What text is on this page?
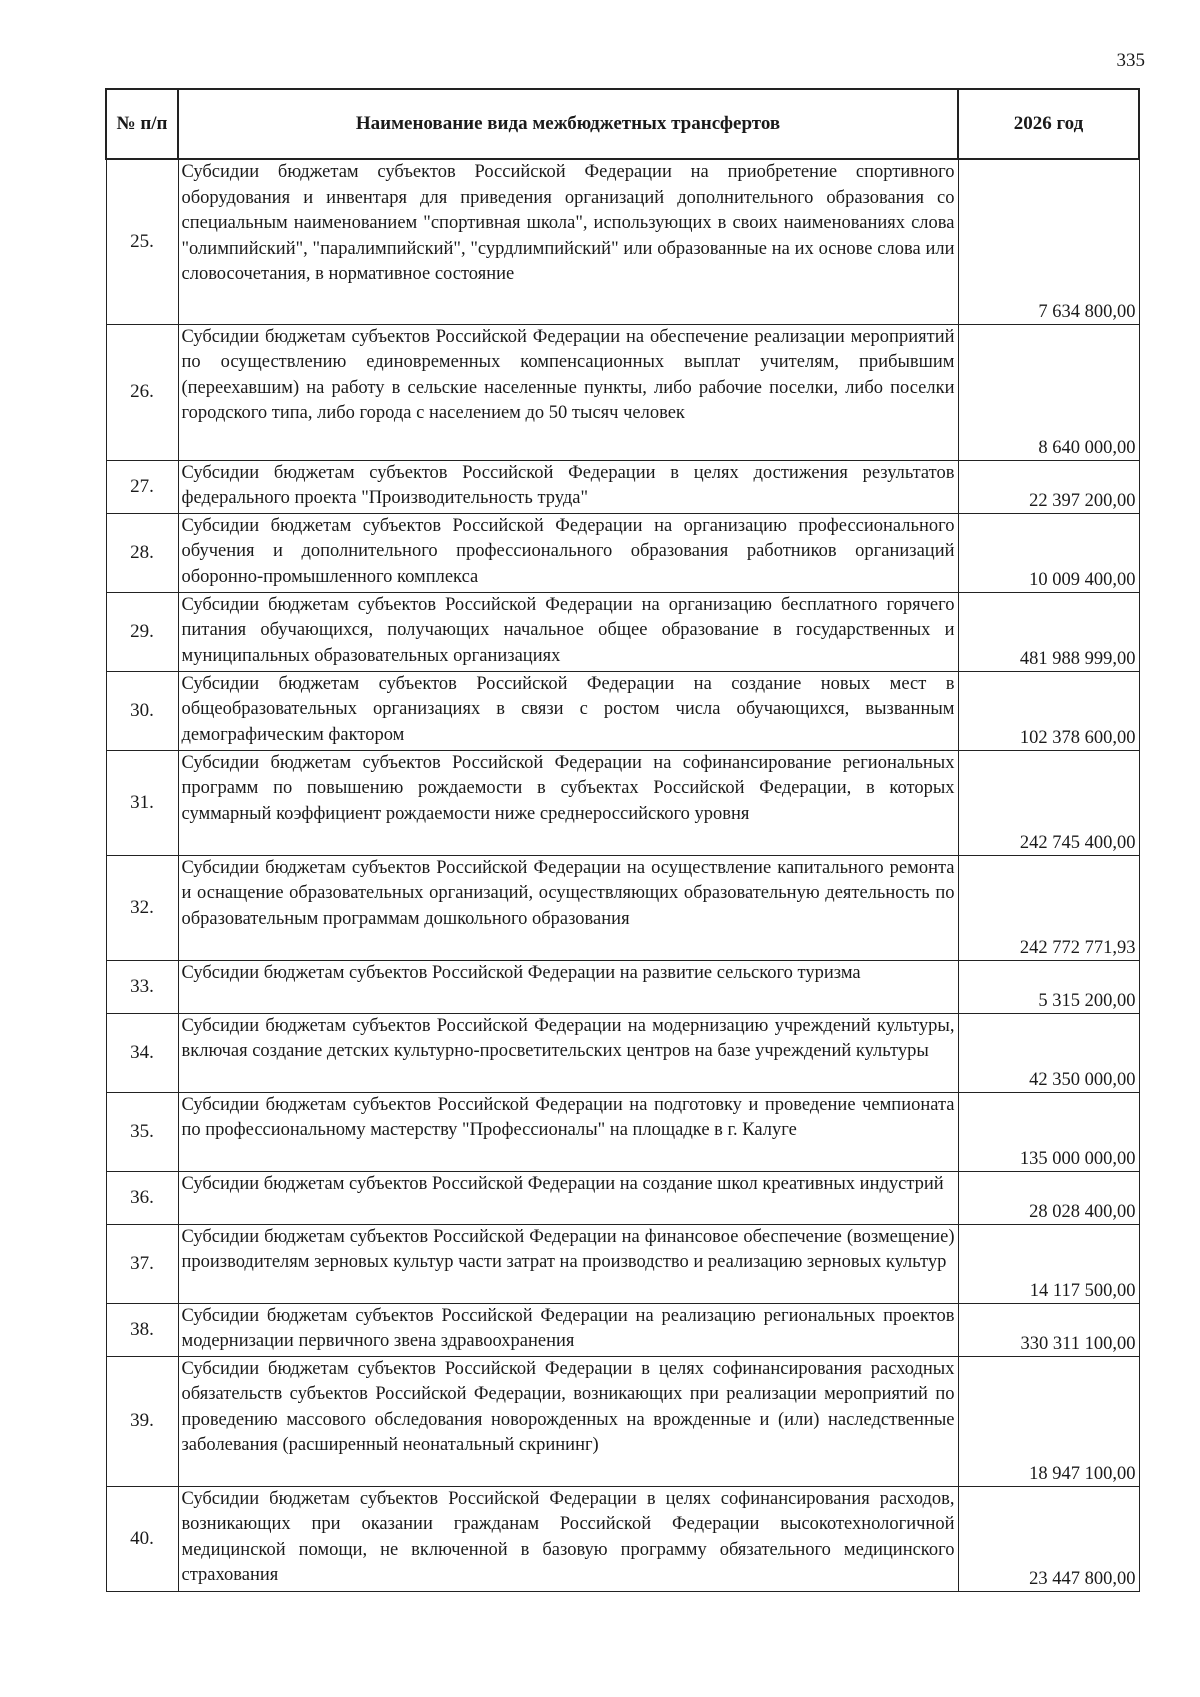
335
№ п/п	Наименование вида межбюджетных трансфертов	2026 год
25.	Субсидии бюджетам субъектов Российской Федерации на приобретение спортивного оборудования и инвентаря для приведения организаций дополнительного образования со специальным наименованием "спортивная школа", использующих в своих наименованиях слова "олимпийский", "паралимпийский", "сурдлимпийский" или образованные на их основе слова или словосочетания, в нормативное состояние	7 634 800,00
26.	Субсидии бюджетам субъектов Российской Федерации на обеспечение реализации мероприятий по осуществлению единовременных компенсационных выплат учителям, прибывшим (переехавшим) на работу в сельские населенные пункты, либо рабочие поселки, либо поселки городского типа, либо города с населением до 50 тысяч человек	8 640 000,00
27.	Субсидии бюджетам субъектов Российской Федерации в целях достижения результатов федерального проекта "Производительность труда"	22 397 200,00
28.	Субсидии бюджетам субъектов Российской Федерации на организацию профессионального обучения и дополнительного профессионального образования работников организаций оборонно-промышленного комплекса	10 009 400,00
29.	Субсидии бюджетам субъектов Российской Федерации на организацию бесплатного горячего питания обучающихся, получающих начальное общее образование в государственных и муниципальных образовательных организациях	481 988 999,00
30.	Субсидии бюджетам субъектов Российской Федерации на создание новых мест в общеобразовательных организациях в связи с ростом числа обучающихся, вызванным демографическим фактором	102 378 600,00
31.	Субсидии бюджетам субъектов Российской Федерации на софинансирование региональных программ по повышению рождаемости в субъектах Российской Федерации, в которых суммарный коэффициент рождаемости ниже среднероссийского уровня	242 745 400,00
32.	Субсидии бюджетам субъектов Российской Федерации на осуществление капитального ремонта и оснащение образовательных организаций, осуществляющих образовательную деятельность по образовательным программам дошкольного образования	242 772 771,93
33.	Субсидии бюджетам субъектов Российской Федерации на развитие сельского туризма	5 315 200,00
34.	Субсидии бюджетам субъектов Российской Федерации на модернизацию учреждений культуры, включая создание детских культурно-просветительских центров на базе учреждений культуры	42 350 000,00
35.	Субсидии бюджетам субъектов Российской Федерации на подготовку и проведение чемпионата по профессиональному мастерству "Профессионалы" на площадке в г. Калуге	135 000 000,00
36.	Субсидии бюджетам субъектов Российской Федерации на создание школ креативных индустрий	28 028 400,00
37.	Субсидии бюджетам субъектов Российской Федерации на финансовое обеспечение (возмещение) производителям зерновых культур части затрат на производство и реализацию зерновых культур	14 117 500,00
38.	Субсидии бюджетам субъектов Российской Федерации на реализацию региональных проектов модернизации первичного звена здравоохранения	330 311 100,00
39.	Субсидии бюджетам субъектов Российской Федерации в целях софинансирования расходных обязательств субъектов Российской Федерации, возникающих при реализации мероприятий по проведению массового обследования новорожденных на врожденные и (или) наследственные заболевания (расширенный неонатальный скрининг)	18 947 100,00
40.	Субсидии бюджетам субъектов Российской Федерации в целях софинансирования расходов, возникающих при оказании гражданам Российской Федерации высокотехнологичной медицинской помощи, не включенной в базовую программу обязательного медицинского страхования	23 447 800,00
